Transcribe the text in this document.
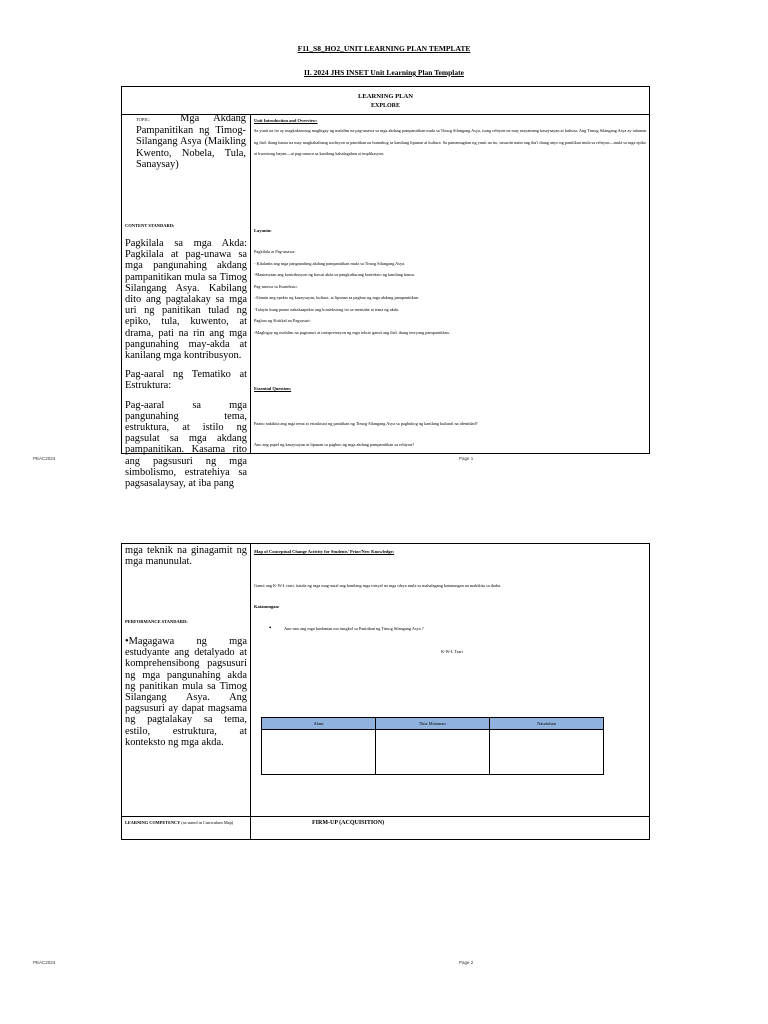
F11_S8_HO2_UNIT LEARNING PLAN TEMPLATE
II. 2024 JHS INSET Unit Learning Plan Template
LEARNING PLAN
EXPLORE

TOPIC:	Mga Akdang Pampanitikan ng Timog-Silangang Asya (Maikling Kwento, Nobela, Tula, Sanaysay)
CONTENT STANDARD:

Pagkilala sa mga Akda: Pagkilala at pag-unawa sa mga pangunahing akdang pampanitikan mula sa Timog Silangang Asya. Kabilang dito ang pagtalakay sa mga uri ng panitikan tulad ng epiko, tula, kuwento, at drama, pati na rin ang mga pangunahing may-akda at kanilang mga kontribusyon.

Pag-aaral ng Tematiko at Estruktura:

Pag-aaral sa mga pangunahing tema, estruktura, at istilo ng pagsulat sa mga akdang pampanitikan. Kasama rito ang pagsusuri ng mga simbolismo, estratehiya sa pagsasalaysay, at iba pang

Unit Introduction and Overview:
Sa yunit na ito ay magkakaroong magbigay ng malalim na pag-unawa sa mga akdang pampanitikan mula sa Timog Silangang Asya, isang rehiyon na may mayamang kasaysayan at kultura. Ang Timog Silangang Asya ay tahanan ng iba't ibang bansa na may magkakaibang tradisyon at panitikan na humubog sa kanilang lipunan at kultura. Sa pamamagitan ng yunit na ito, susuriin natin ang iba't ibang anyo ng panitikan mula sa rehiyon—mula sa mga epiko at kwentong bayan—at pag-unawa sa kanilang kahalagahan at implikasyon.
Layunin:

Pagkilala at Pag-unawa:

- Kilalanin ang mga pangunahing akdang pampanitikan mula sa Timog Silangang Asya.

-Maunawaan ang kontribusyon ng bawat akda sa pangkulturang konteksto ng kanilang bansa.

Pag-unawa sa Konteksto:

-Alamin ang epekto ng kasaysayan, kultura, at lipunan sa pagbuo ng mga akdang pampanitikan.

-Talayin kung paano nakakaapekto ang kontekstong ito sa mensahe at tema ng akda.

Pagbuo ng Kritikal na Pagsusuri:

-Magbigay ng malalim na pagsusuri at interpretasyon ng mga teksto gamit ang iba't ibang teoryang pampanitikan.

Essential Question:
Paano nakikita ang mga tema at estruktura ng panitikan ng Timog Silangang Asya sa paghubog ng kanilang kultural na identidad?
Ano ang papel ng kasaysayan at lipunan sa pagbuo ng mga akdang pampanitikan sa rehiyon?
PEAC2024	Page 1
mga teknik na ginagamit ng mga manunulat.
PERFORMANCE STANDARD:
•Magagawa ng mga estudyante ang detalyado at komprehensibong pagsusuri ng mga pangunahing akda ng panitikan mula sa Timog Silangang Asya. Ang pagsusuri ay dapat magsama ng pagtalakay sa tema, estilo, estruktura, at konteksto ng mga akda.

Map of Conceptual Change Activity for Students' Prior/New Knowledge:
Gamit ang K-W-L tsart, itatala ng mga mag-aaral ang kanilang mga inisyal na mga ideya mula sa mahalagang katanungan na makikita sa ibaba.
Katanungan:
•	Ano-ano ang mga kaalaman mo tungkol sa Panitikan ng Timog Silangang Asya ?
K-W-L Tsart
Alam	Nais Malaman	Natutuhan

LEARNING COMPETENCY (as stated in Curriculum Map)	FIRM-UP (ACQUISITION)
PEAC2024	Page 2
